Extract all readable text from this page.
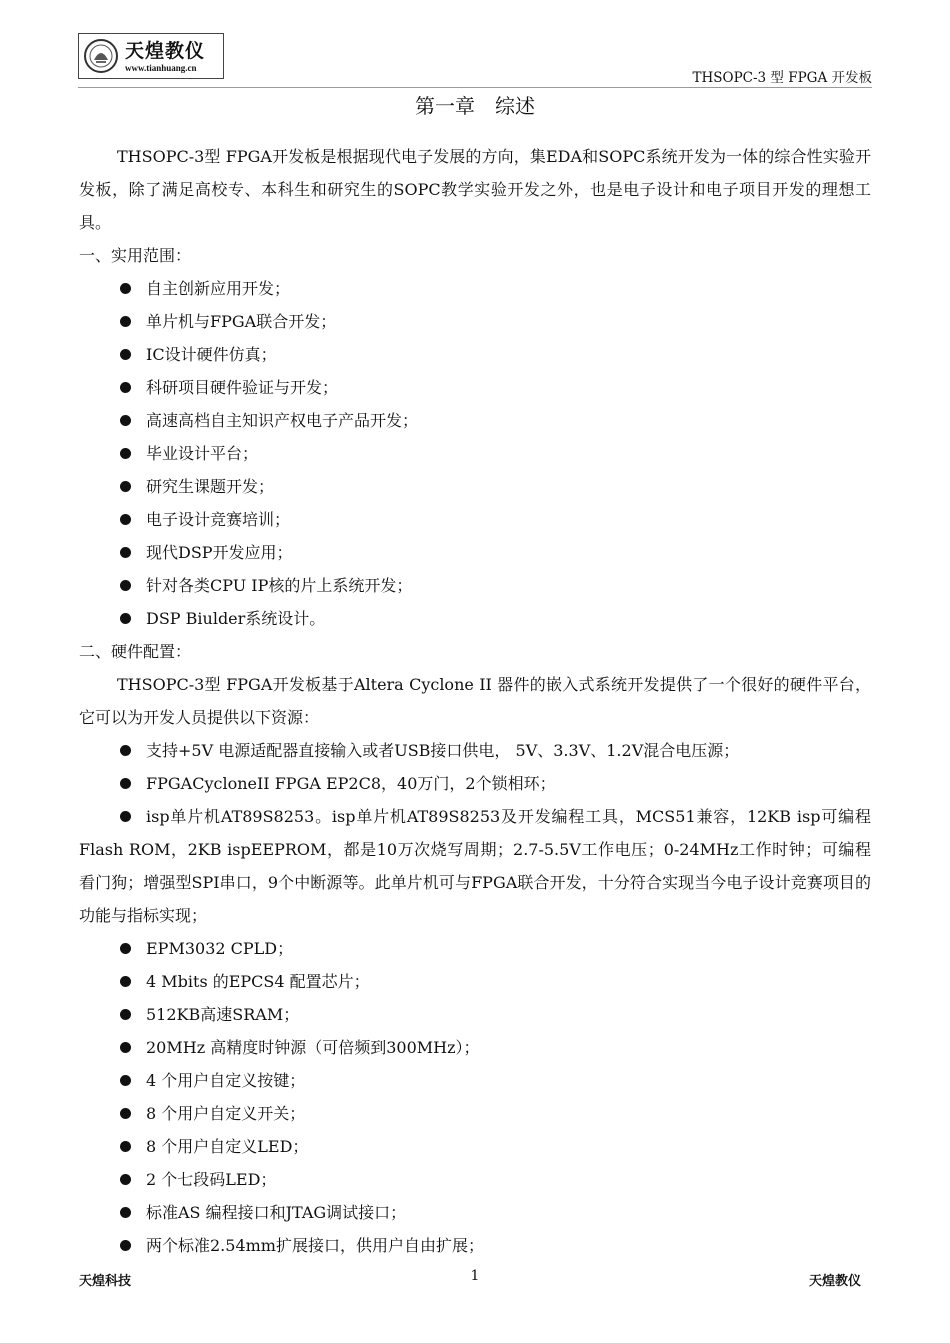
天煌教仪
www.tianhuang.cn
THSOPC-3 型 FPGA 开发板
第一章 综述

THSOPC-3型 FPGA开发板是根据现代电子发展的方向，集EDA和SOPC系统开发为一体的综合性实验开发板，除了满足高校专、本科生和研究生的SOPC教学实验开发之外，也是电子设计和电子项目开发的理想工具。

一、实用范围：

自主创新应用开发；
单片机与FPGA联合开发；
IC设计硬件仿真；
科研项目硬件验证与开发；
高速高档自主知识产权电子产品开发；
毕业设计平台；
研究生课题开发；
电子设计竞赛培训；
现代DSP开发应用；
针对各类CPU IP核的片上系统开发；
DSP Biulder系统设计。

二、硬件配置：

THSOPC-3型 FPGA开发板基于Altera Cyclone II 器件的嵌入式系统开发提供了一个很好的硬件平台，它可以为开发人员提供以下资源：

支持+5V 电源适配器直接输入或者USB接口供电， 5V、3.3V、1.2V混合电压源；
FPGACycloneII FPGA EP2C8，40万门，2个锁相环；

isp单片机AT89S8253。isp单片机AT89S8253及开发编程工具，MCS51兼容，12KB isp可编程Flash ROM，2KB ispEEPROM，都是10万次烧写周期；2.7-5.5V工作电压；0-24MHz工作时钟；可编程看门狗；增强型SPI串口，9个中断源等。此单片机可与FPGA联合开发，十分符合实现当今电子设计竞赛项目的功能与指标实现；

EPM3032 CPLD；
4 Mbits 的EPCS4 配置芯片；
512KB高速SRAM；
20MHz 高精度时钟源（可倍频到300MHz）；
4 个用户自定义按键；
8 个用户自定义开关；
8 个用户自定义LED；
2 个七段码LED；
标准AS 编程接口和JTAG调试接口；
两个标准2.54mm扩展接口，供用户自由扩展；
天煌科技	1	天煌教仪
